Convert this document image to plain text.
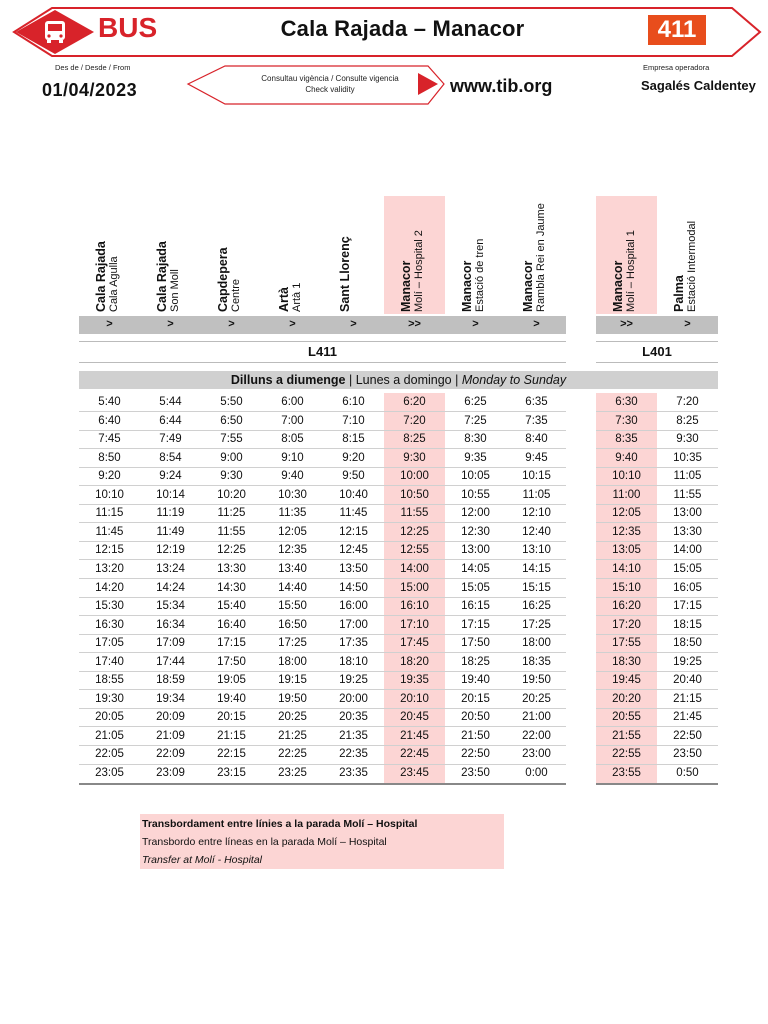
BUS	Cala Rajada – Manacor	411
Des de / Desde / From
01/04/2023
Consultau vigència / Consulte vigencia
Check validity	www.tib.org
Empresa operadora
Sagalés Caldentey
Cala Rajada Cala Agulla	Cala Rajada Son Moll	Capdepera Centre	Artà Artà 1	Sant Llorenç	Manacor Molí – Hospital 2	Manacor Estació de tren	Manacor Rambla Rei en Jaume	Manacor Molí – Hospital 1	Palma Estació Intermodal
>	>	>	>	>	>>	>	>	>>	>
L411	L401
Dilluns a diumenge | Lunes a domingo | Monday to Sunday
5:40	5:44	5:50	6:00	6:10	6:20	6:25	6:35	6:30	7:20
6:40	6:44	6:50	7:00	7:10	7:20	7:25	7:35	7:30	8:25
7:45	7:49	7:55	8:05	8:15	8:25	8:30	8:40	8:35	9:30
8:50	8:54	9:00	9:10	9:20	9:30	9:35	9:45	9:40	10:35
9:20	9:24	9:30	9:40	9:50	10:00	10:05	10:15	10:10	11:05
10:10	10:14	10:20	10:30	10:40	10:50	10:55	11:05	11:00	11:55
11:15	11:19	11:25	11:35	11:45	11:55	12:00	12:10	12:05	13:00
11:45	11:49	11:55	12:05	12:15	12:25	12:30	12:40	12:35	13:30
12:15	12:19	12:25	12:35	12:45	12:55	13:00	13:10	13:05	14:00
13:20	13:24	13:30	13:40	13:50	14:00	14:05	14:15	14:10	15:05
14:20	14:24	14:30	14:40	14:50	15:00	15:05	15:15	15:10	16:05
15:30	15:34	15:40	15:50	16:00	16:10	16:15	16:25	16:20	17:15
16:30	16:34	16:40	16:50	17:00	17:10	17:15	17:25	17:20	18:15
17:05	17:09	17:15	17:25	17:35	17:45	17:50	18:00	17:55	18:50
17:40	17:44	17:50	18:00	18:10	18:20	18:25	18:35	18:30	19:25
18:55	18:59	19:05	19:15	19:25	19:35	19:40	19:50	19:45	20:40
19:30	19:34	19:40	19:50	20:00	20:10	20:15	20:25	20:20	21:15
20:05	20:09	20:15	20:25	20:35	20:45	20:50	21:00	20:55	21:45
21:05	21:09	21:15	21:25	21:35	21:45	21:50	22:00	21:55	22:50
22:05	22:09	22:15	22:25	22:35	22:45	22:50	23:00	22:55	23:50
23:05	23:09	23:15	23:25	23:35	23:45	23:50	0:00	23:55	0:50
Transbordament entre línies a la parada Molí – Hospital
Transbordo entre líneas en la parada Molí – Hospital
Transfer at Molí - Hospital
